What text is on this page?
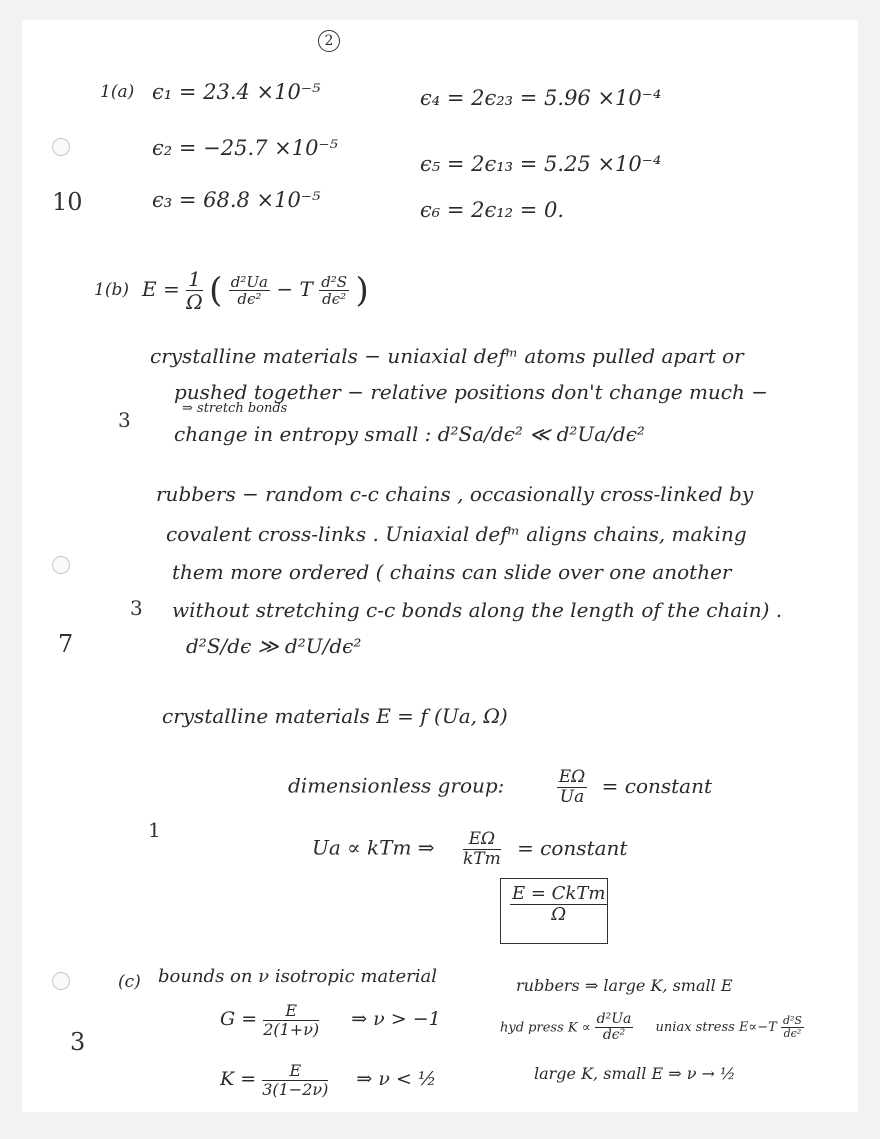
2
1(a) ϵ₁ = 23.4 ×10⁻⁵
ϵ₂ = −25.7 ×10⁻⁵
ϵ₃ = 68.8 ×10⁻⁵
ϵ₄ = 2ϵ₂₃ = 5.96 ×10⁻⁴
ϵ₅ = 2ϵ₁₃ = 5.25 ×10⁻⁴
ϵ₆ = 2ϵ₁₂ = 0.
10
1(b) $E = \frac{1}{\Omega}$ ( $\frac{\text{d²Ua}}{\text{dϵ²}} - T \frac{\text{d²S}}{\text{dϵ²}}$ )
crystalline materials − uniaxial defᵐ atoms pulled apart or
pushed together − relative positions don't change much −
⇒ stretch bonds
change in entropy small : d²Sa/dϵ² ≪ d²Ua/dϵ²
3
rubbers − random c-c chains , occasionally cross-linked by
covalent cross-links . Uniaxial defᵐ aligns chains, making
them more ordered ( chains can slide over one another
without stretching c-c bonds along the length of the chain) .
d²S/dϵ ≫ d²U/dϵ²
3
7
crystalline materials E = f (Ua, Ω)
dimensionless group:	$\frac{E\Omega}{Ua}$ = constant
Ua ∝ kTm ⇒ $\frac{E\Omega}{\text{kTm}}$ = constant
1
$\frac{\text{E = CkTm}}{\Omega}$
(c) bounds on ν isotropic material
3
$G = \frac{E}{2(1+\nu)}$ ⇒ ν > −1
$K = \frac{E}{3(1-2\nu)}$ ⇒ ν < ½
rubbers ⇒ large K, small E
hyd press $K \propto \frac{\text{d²Ua}}{\text{dϵ²}}$ uniax stress $E\propto-T \frac{\text{d²S}}{\text{dϵ²}}$
large K, small E ⇒ ν → ½
